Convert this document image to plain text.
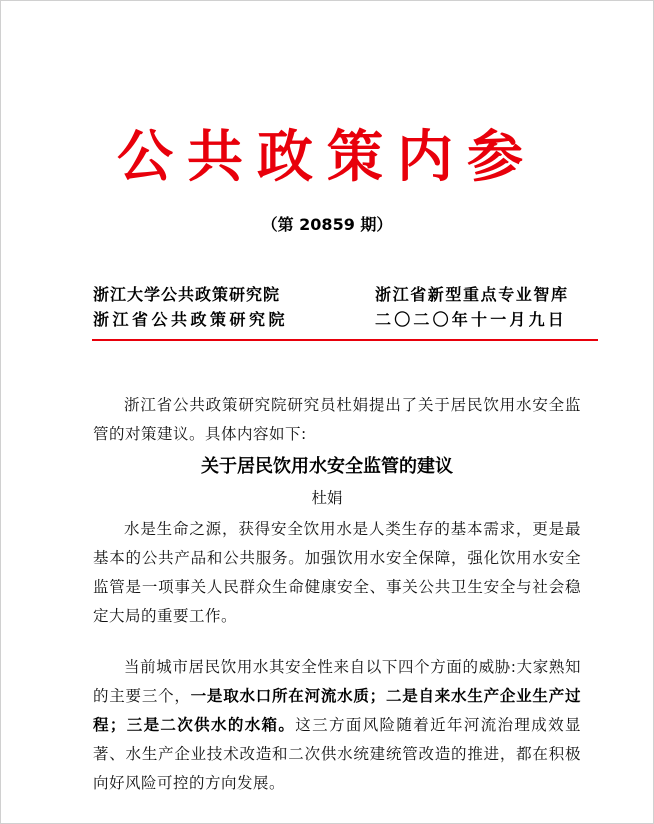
公共政策内参
（第 20859 期）
浙江大学公共政策研究院
浙江省公共政策研究院
浙江省新型重点专业智库
二〇二〇年十一月九日
浙江省公共政策研究院研究员杜娟提出了关于居民饮用水安全监管的对策建议。具体内容如下:
关于居民饮用水安全监管的建议
杜娟
水是生命之源，获得安全饮用水是人类生存的基本需求，更是最基本的公共产品和公共服务。加强饮用水安全保障，强化饮用水安全监管是一项事关人民群众生命健康安全、事关公共卫生安全与社会稳定大局的重要工作。
当前城市居民饮用水其安全性来自以下四个方面的威胁:大家熟知的主要三个，一是取水口所在河流水质；二是自来水生产企业生产过程；三是二次供水的水箱。这三方面风险随着近年河流治理成效显著、水生产企业技术改造和二次供水统建统管改造的推进，都在积极向好风险可控的方向发展。
